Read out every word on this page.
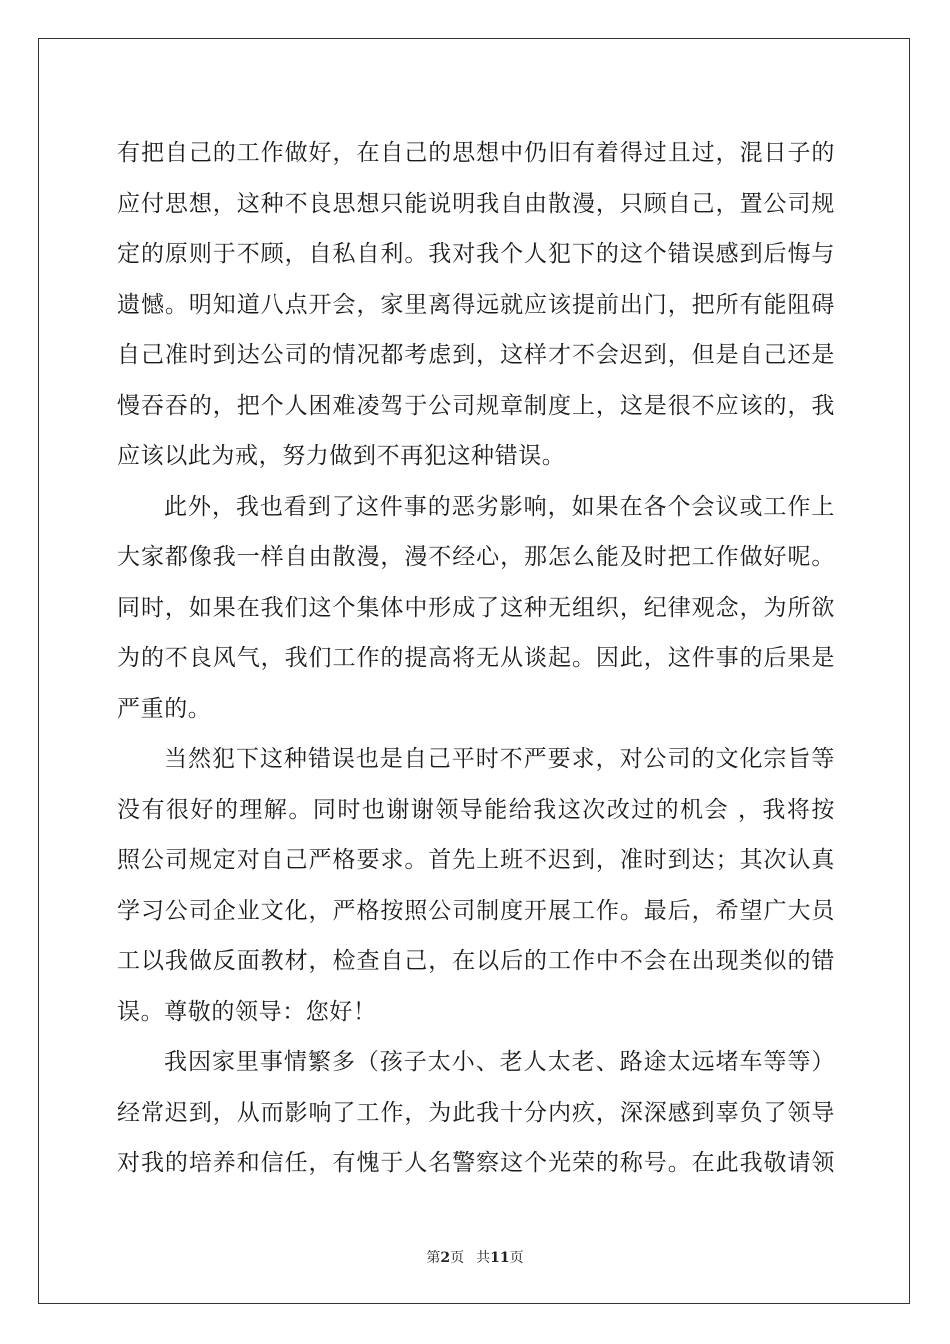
有把自己的工作做好，在自己的思想中仍旧有着得过且过，混日子的
应付思想，这种不良思想只能说明我自由散漫，只顾自己，置公司规
定的原则于不顾，自私自利。我对我个人犯下的这个错误感到后悔与
遗憾。明知道八点开会，家里离得远就应该提前出门，把所有能阻碍
自己准时到达公司的情况都考虑到，这样才不会迟到，但是自己还是
慢吞吞的，把个人困难凌驾于公司规章制度上，这是很不应该的，我
应该以此为戒，努力做到不再犯这种错误。
此外，我也看到了这件事的恶劣影响，如果在各个会议或工作上
大家都像我一样自由散漫，漫不经心，那怎么能及时把工作做好呢。
同时，如果在我们这个集体中形成了这种无组织，纪律观念，为所欲
为的不良风气，我们工作的提高将无从谈起。因此，这件事的后果是
严重的。
当然犯下这种错误也是自己平时不严要求，对公司的文化宗旨等
没有很好的理解。同时也谢谢领导能给我这次改过的机会 ，我将按
照公司规定对自己严格要求。首先上班不迟到，准时到达；其次认真
学习公司企业文化，严格按照公司制度开展工作。最后，希望广大员
工以我做反面教材，检查自己，在以后的工作中不会在出现类似的错
误。尊敬的领导：您好！
我因家里事情繁多（孩子太小、老人太老、路途太远堵车等等）
经常迟到，从而影响了工作，为此我十分内疚，深深感到辜负了领导
对我的培养和信任，有愧于人名警察这个光荣的称号。在此我敬请领
第2页 共11页
